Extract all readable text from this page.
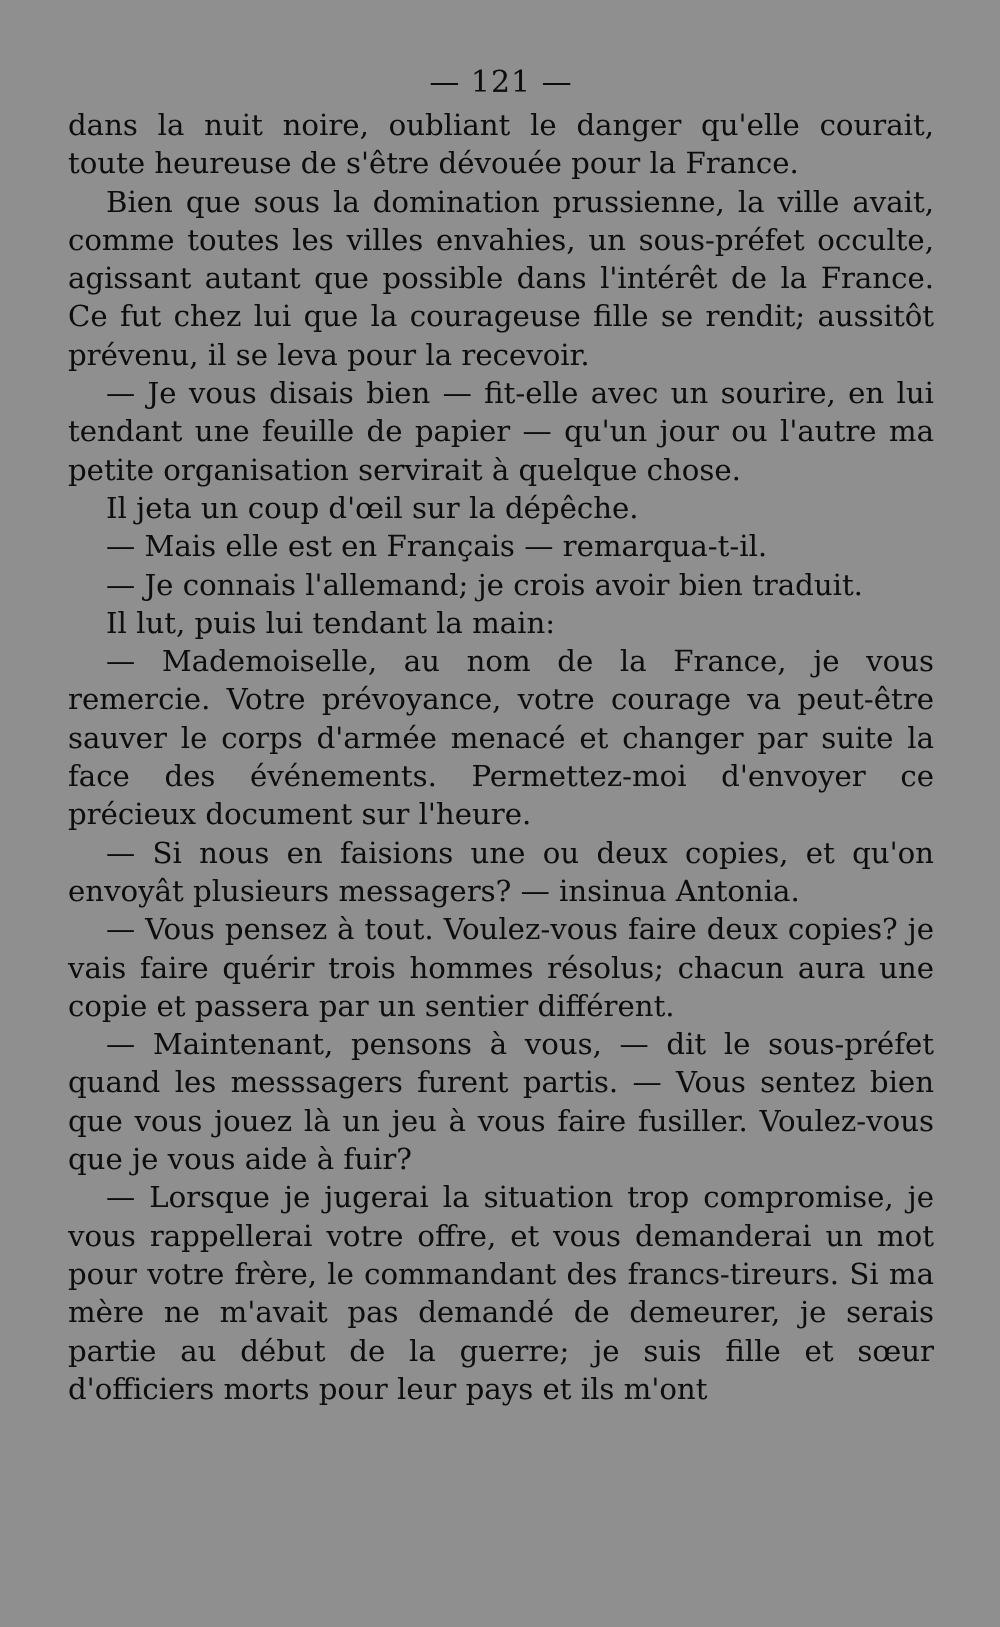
— 121 —

dans la nuit noire, oubliant le danger qu'elle courait, toute heureuse de s'être dévouée pour la France.

Bien que sous la domination prussienne, la ville avait, comme toutes les villes envahies, un sous-préfet occulte, agissant autant que possible dans l'intérêt de la France. Ce fut chez lui que la courageuse fille se rendit; aussitôt prévenu, il se leva pour la recevoir.

— Je vous disais bien — fit-elle avec un sourire, en lui tendant une feuille de papier — qu'un jour ou l'autre ma petite organisation servirait à quelque chose.

Il jeta un coup d'œil sur la dépêche.

— Mais elle est en Français — remarqua-t-il.

— Je connais l'allemand; je crois avoir bien traduit.

Il lut, puis lui tendant la main:

— Mademoiselle, au nom de la France, je vous remercie. Votre prévoyance, votre courage va peut-être sauver le corps d'armée menacé et changer par suite la face des événements. Permettez-moi d'envoyer ce précieux document sur l'heure.

— Si nous en faisions une ou deux copies, et qu'on envoyât plusieurs messagers? — insinua Antonia.

— Vous pensez à tout. Voulez-vous faire deux copies? je vais faire quérir trois hommes résolus; chacun aura une copie et passera par un sentier différent.

— Maintenant, pensons à vous, — dit le sous-préfet quand les messsagers furent partis. — Vous sentez bien que vous jouez là un jeu à vous faire fusiller. Voulez-vous que je vous aide à fuir?

— Lorsque je jugerai la situation trop compromise, je vous rappellerai votre offre, et vous demanderai un mot pour votre frère, le commandant des francs-tireurs. Si ma mère ne m'avait pas demandé de demeurer, je serais partie au début de la guerre; je suis fille et sœur d'officiers morts pour leur pays et ils m'ont
